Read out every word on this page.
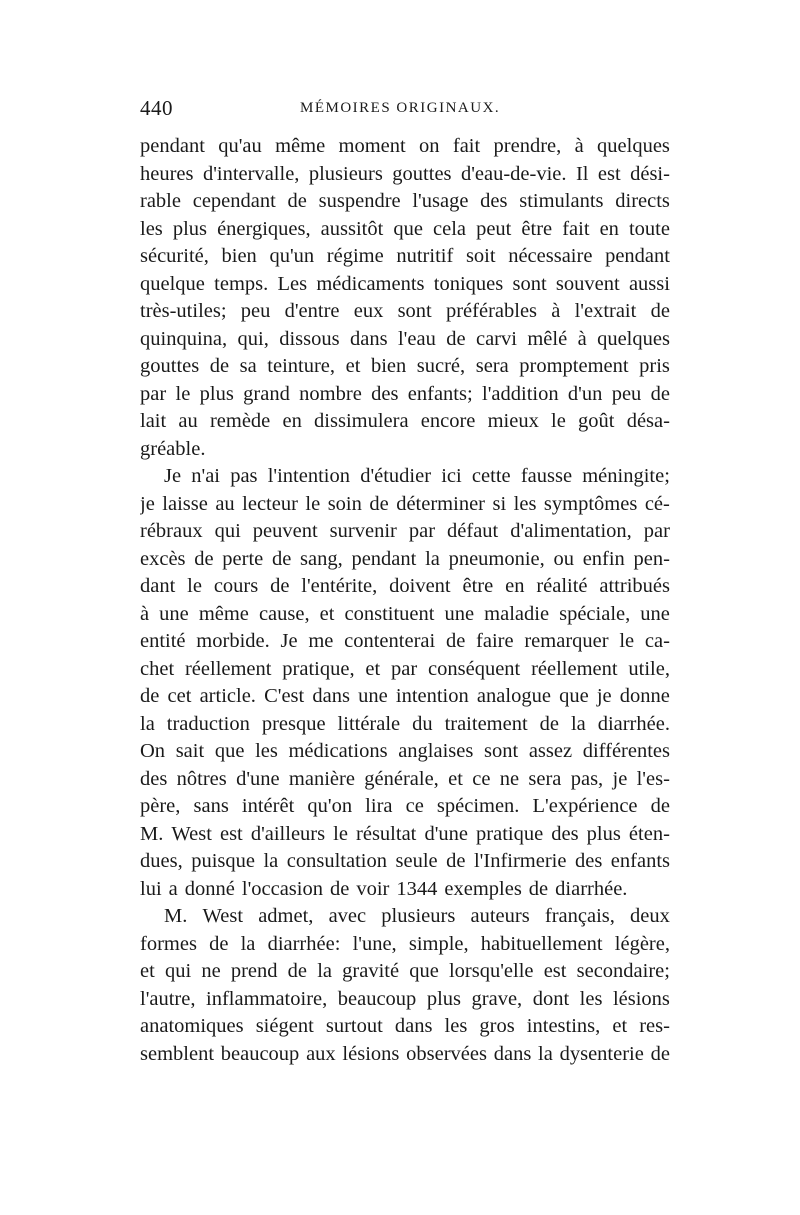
440	MÉMOIRES ORIGINAUX.
pendant qu'au même moment on fait prendre, à quelques
heures d'intervalle, plusieurs gouttes d'eau-de-vie. Il est dési-
rable cependant de suspendre l'usage des stimulants directs
les plus énergiques, aussitôt que cela peut être fait en toute
sécurité, bien qu'un régime nutritif soit nécessaire pendant
quelque temps. Les médicaments toniques sont souvent aussi
très-utiles; peu d'entre eux sont préférables à l'extrait de
quinquina, qui, dissous dans l'eau de carvi mêlé à quelques
gouttes de sa teinture, et bien sucré, sera promptement pris
par le plus grand nombre des enfants; l'addition d'un peu de
lait au remède en dissimulera encore mieux le goût désa-
gréable.
Je n'ai pas l'intention d'étudier ici cette fausse méningite;
je laisse au lecteur le soin de déterminer si les symptômes cé-
rébraux qui peuvent survenir par défaut d'alimentation, par
excès de perte de sang, pendant la pneumonie, ou enfin pen-
dant le cours de l'entérite, doivent être en réalité attribués
à une même cause, et constituent une maladie spéciale, une
entité morbide. Je me contenterai de faire remarquer le ca-
chet réellement pratique, et par conséquent réellement utile,
de cet article. C'est dans une intention analogue que je donne
la traduction presque littérale du traitement de la diarrhée.
On sait que les médications anglaises sont assez différentes
des nôtres d'une manière générale, et ce ne sera pas, je l'es-
père, sans intérêt qu'on lira ce spécimen. L'expérience de
M. West est d'ailleurs le résultat d'une pratique des plus éten-
dues, puisque la consultation seule de l'Infirmerie des enfants
lui a donné l'occasion de voir 1344 exemples de diarrhée.
M. West admet, avec plusieurs auteurs français, deux
formes de la diarrhée: l'une, simple, habituellement légère,
et qui ne prend de la gravité que lorsqu'elle est secondaire;
l'autre, inflammatoire, beaucoup plus grave, dont les lésions
anatomiques siégent surtout dans les gros intestins, et res-
semblent beaucoup aux lésions observées dans la dysenterie de
